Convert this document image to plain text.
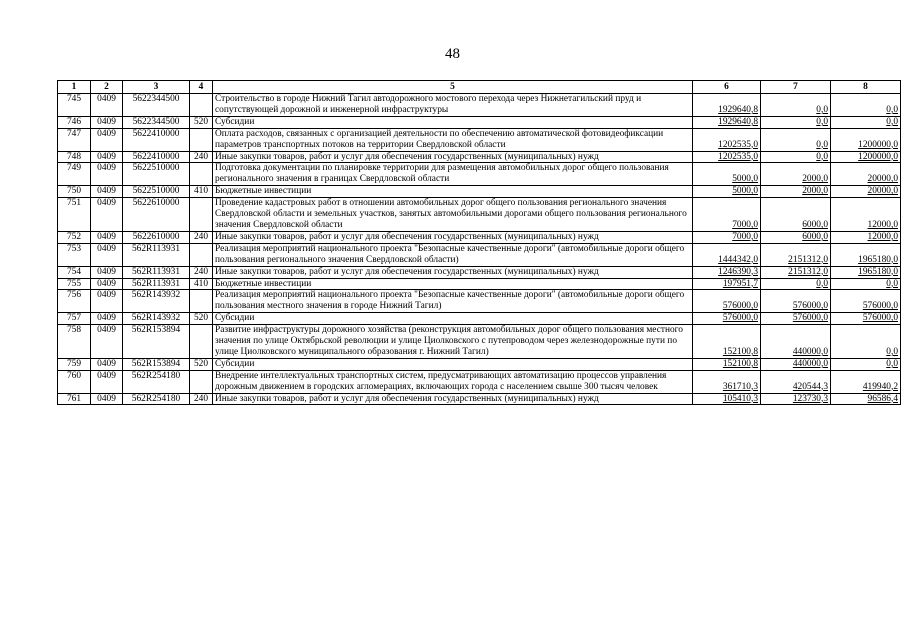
48
1	2	3	4	5	6	7	8
745	0409	5622344500		Строительство в городе Нижний Тагил автодорожного мостового перехода через Нижнетагильский пруд и сопутствующей дорожной и инженерной инфраструктуры	1929640,8	0,0	0,0
746	0409	5622344500	520	Субсидии	1929640,8	0,0	0,0
747	0409	5622410000		Оплата расходов, связанных с организацией деятельности по обеспечению автоматической фотовидеофиксации параметров транспортных потоков на территории Свердловской области	1202535,0	0,0	1200000,0
748	0409	5622410000	240	Иные закупки товаров, работ и услуг для обеспечения государственных (муниципальных) нужд	1202535,0	0,0	1200000,0
749	0409	5622510000		Подготовка документации по планировке территории для размещения автомобильных дорог общего пользования регионального значения в границах Свердловской области	5000,0	2000,0	20000,0
750	0409	5622510000	410	Бюджетные инвестиции	5000,0	2000,0	20000,0
751	0409	5622610000		Проведение кадастровых работ в отношении автомобильных дорог общего пользования регионального значения Свердловской области и земельных участков, занятых автомобильными дорогами общего пользования регионального значения Свердловской области	7000,0	6000,0	12000,0
752	0409	5622610000	240	Иные закупки товаров, работ и услуг для обеспечения государственных (муниципальных) нужд	7000,0	6000,0	12000,0
753	0409	562R113931		Реализация мероприятий национального проекта "Безопасные качественные дороги" (автомобильные дороги общего пользования регионального значения Свердловской области)	1444342,0	2151312,0	1965180,0
754	0409	562R113931	240	Иные закупки товаров, работ и услуг для обеспечения государственных (муниципальных) нужд	1246390,3	2151312,0	1965180,0
755	0409	562R113931	410	Бюджетные инвестиции	197951,7	0,0	0,0
756	0409	562R143932		Реализация мероприятий национального проекта "Безопасные качественные дороги" (автомобильные дороги общего пользования местного значения в городе Нижний Тагил)	576000,0	576000,0	576000,0
757	0409	562R143932	520	Субсидии	576000,0	576000,0	576000,0
758	0409	562R153894		Развитие инфраструктуры дорожного хозяйства (реконструкция автомобильных дорог общего пользования местного значения по улице Октябрьской революции и улице Циолковского с путепроводом через железнодорожные пути по улице Циолковского муниципального образования г. Нижний Тагил)	152100,8	440000,0	0,0
759	0409	562R153894	520	Субсидии	152100,8	440000,0	0,0
760	0409	562R254180		Внедрение интеллектуальных транспортных систем, предусматривающих автоматизацию процессов управления дорожным движением в городских агломерациях, включающих города с населением свыше 300 тысяч человек	361710,3	420544,3	419940,2
761	0409	562R254180	240	Иные закупки товаров, работ и услуг для обеспечения государственных (муниципальных) нужд	105410,3	123730,3	96586,4
